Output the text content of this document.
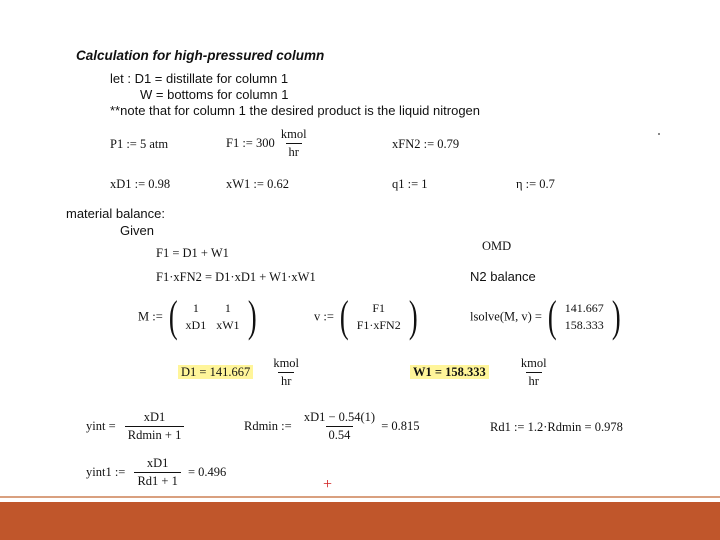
Calculation for high-pressured column
let : D1 = distillate for column 1
W = bottoms for column 1
**note that for column 1 the desired product is the liquid nitrogen
P1 := 5 atm	F1 := $300 \frac{\text{kmol}}{hr}$	xFN2 := 0.79
xD1 := 0.98	xW1 := 0.62	q1 := 1	η := 0.7
material balance:
Given
OMD
F1 = D1 + W1
F1·xFN2 = D1·xD1 + W1·xW1	N2 balance
M := ( 1	1
xD1	xW1 )	v := ( F1
F1·xFN2 )	lsolve(M, v) = ( 141.667
158.333 )
$D1 = 141.667 \frac{\text{kmol}}{hr}$	W1 = 158.333	$\frac{\text{kmol}}{hr}$
yint = $\frac{xD1}{Rdmin + 1}$	Rdmin := $\frac{xD1 - 0.54(1)}{0.54} = 0.815$	Rd1 := 1.2·Rdmin = 0.978
yint1 := $\frac{xD1}{Rd1 + 1} = 0.496$
+
